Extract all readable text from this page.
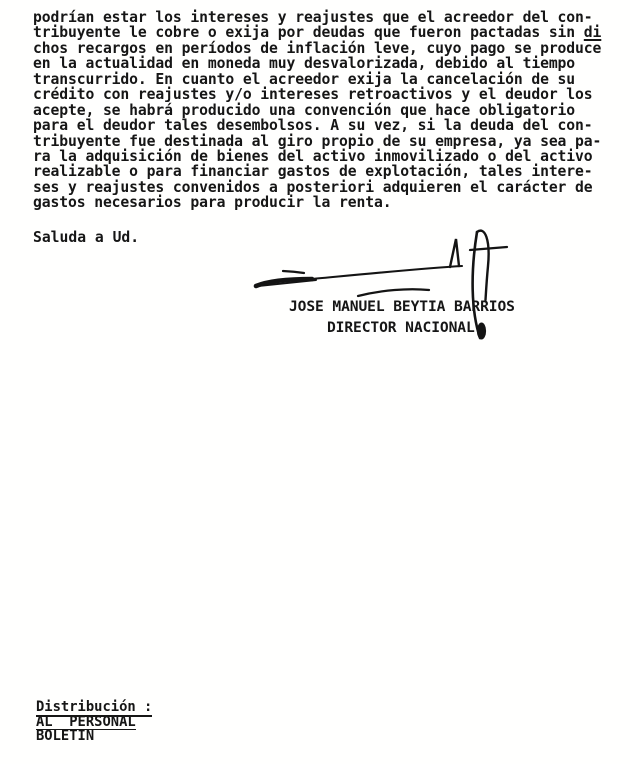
podrían estar los intereses y reajustes que el acreedor del con-
tribuyente le cobre o exija por deudas que fueron pactadas sin di
chos recargos en períodos de inflación leve, cuyo pago se produce
en la actualidad en moneda muy desvalorizada, debido al tiempo
transcurrido. En cuanto el acreedor exija la cancelación de su
crédito con reajustes y/o intereses retroactivos y el deudor los
acepte, se habrá producido una convención que hace obligatorio
para el deudor tales desembolsos. A su vez, si la deuda del con-
tribuyente fue destinada al giro propio de su empresa, ya sea pa-
ra la adquisición de bienes del activo inmovilizado o del activo
realizable o para financiar gastos de explotación, tales intere-
ses y reajustes convenidos a posteriori adquieren el carácter de
gastos necesarios para producir la renta.
Saluda a Ud.
JOSE MANUEL BEYTIA BARRIOS
DIRECTOR NACIONAL
Distribución :
AL  PERSONAL
BOLETIN
